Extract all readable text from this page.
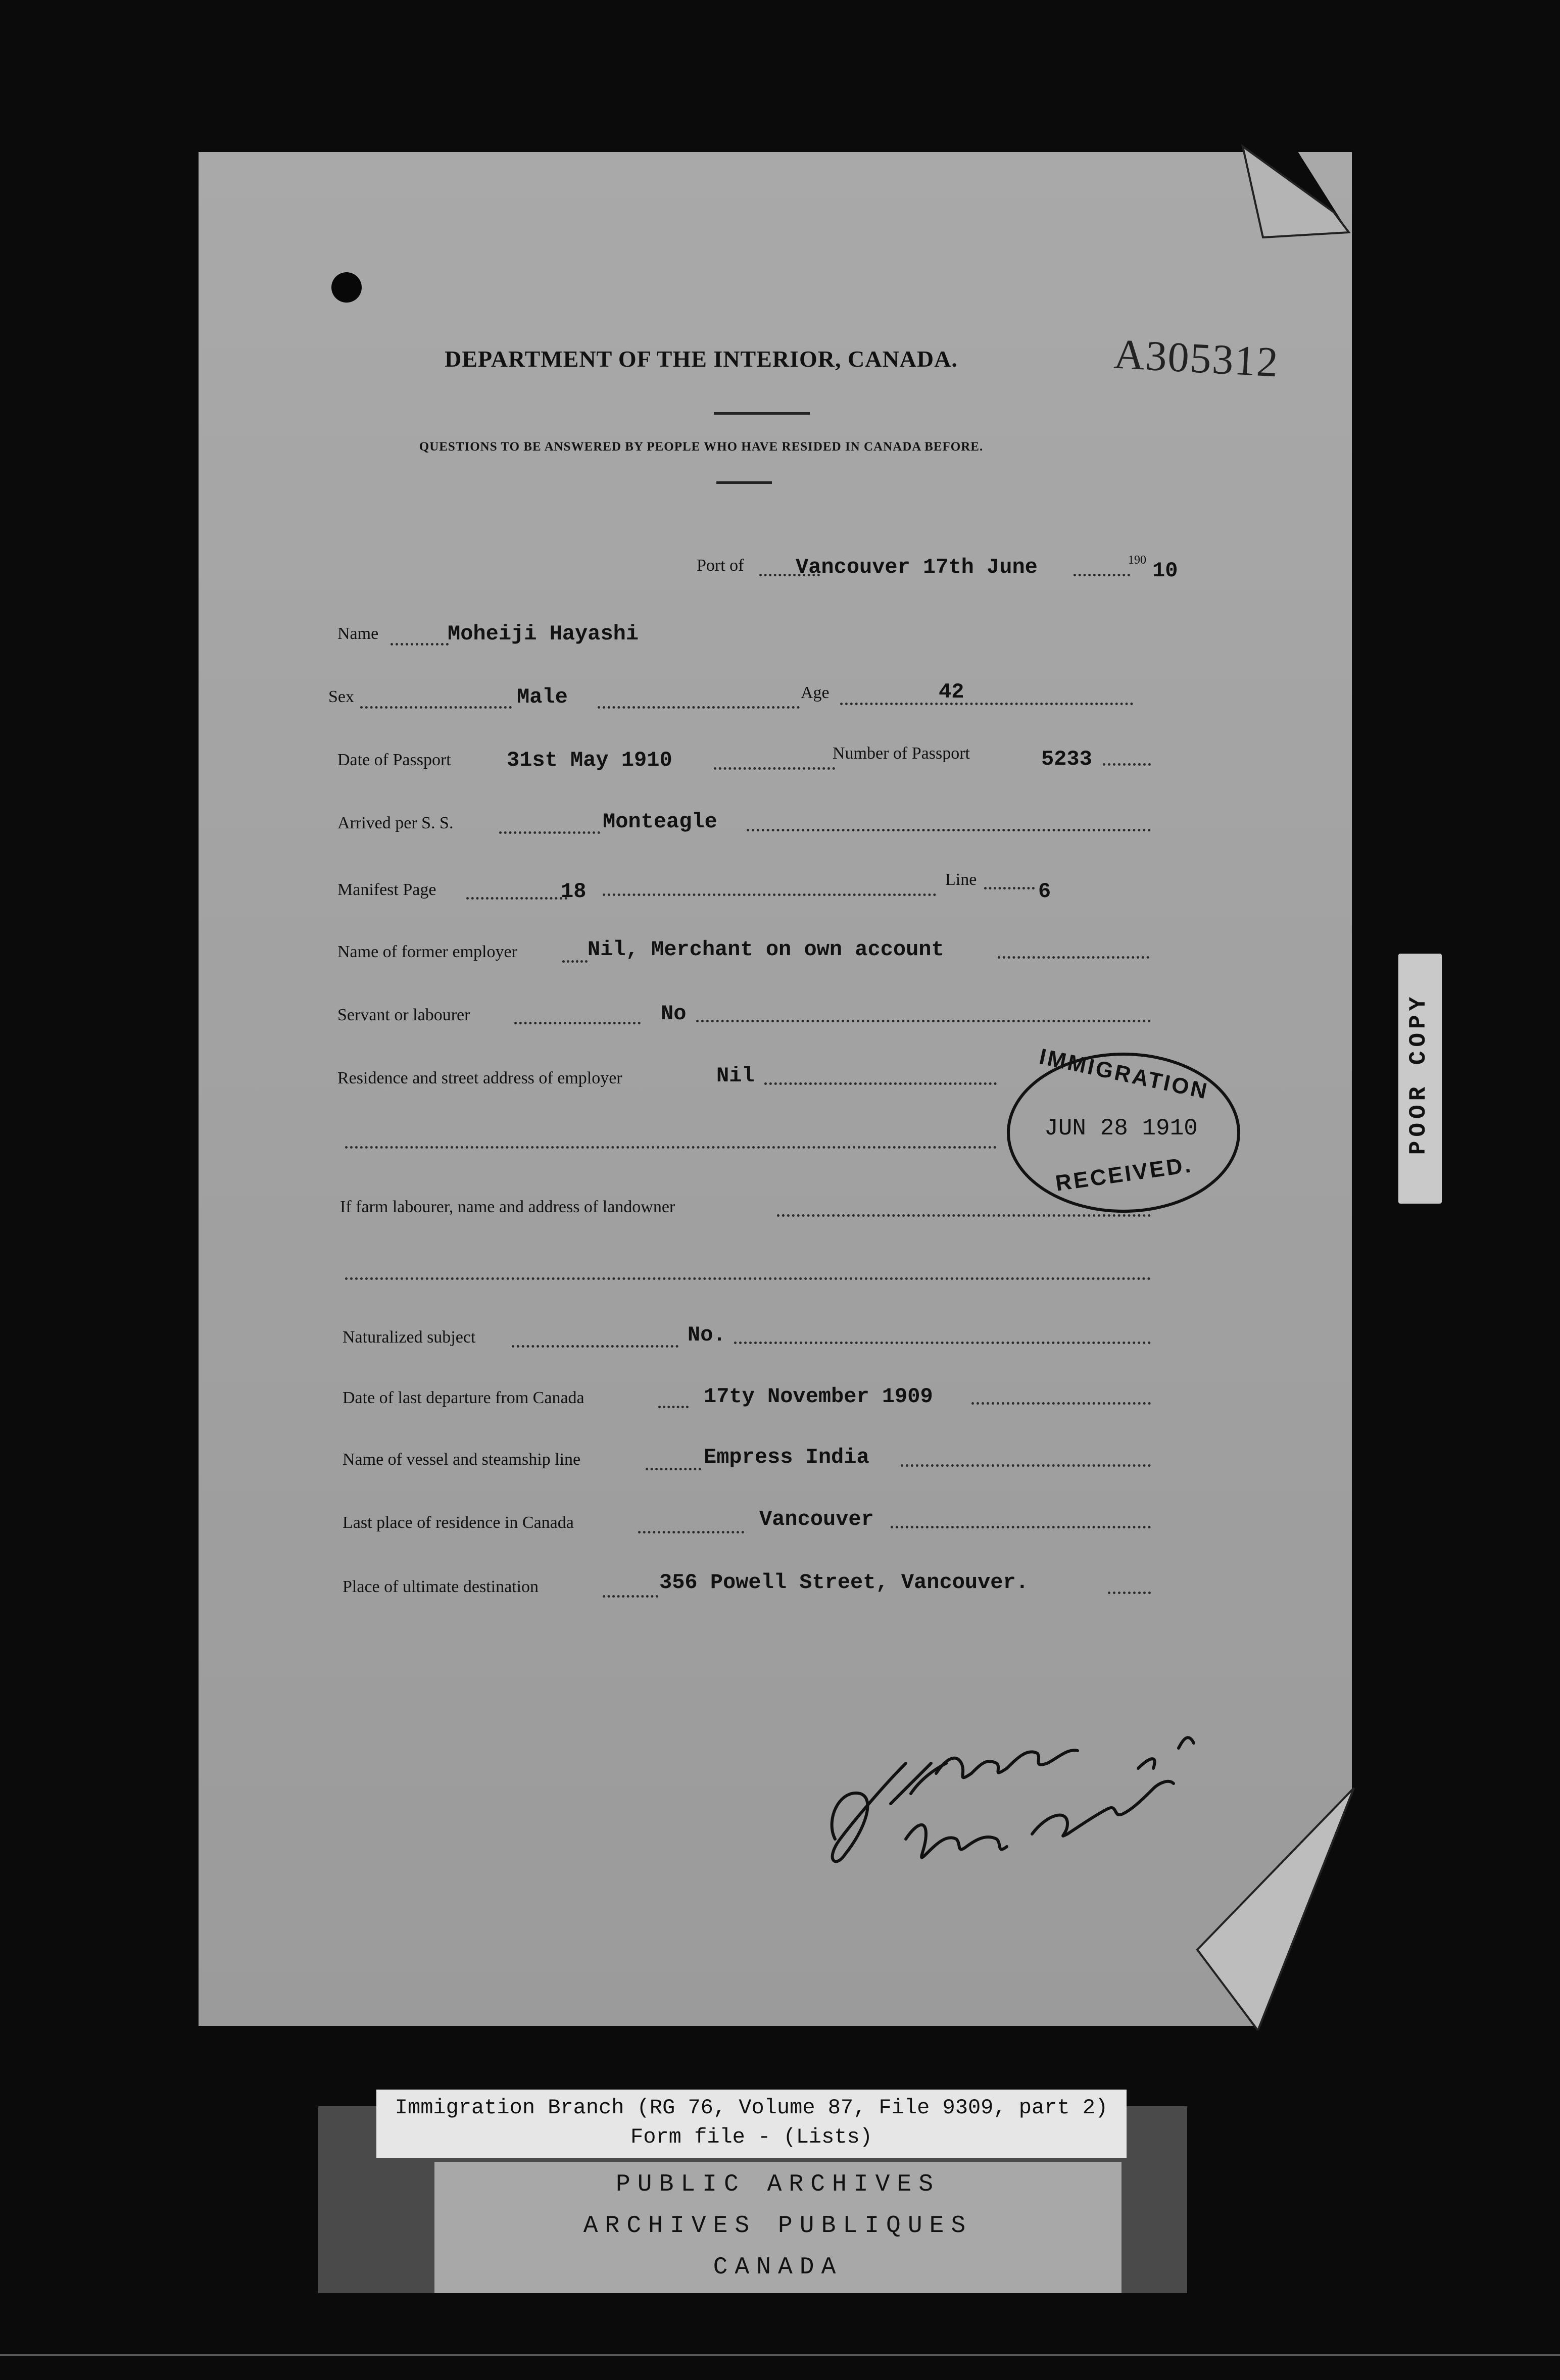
DEPARTMENT OF THE INTERIOR, CANADA.	A305312
QUESTIONS TO BE ANSWERED BY PEOPLE WHO HAVE RESIDED IN CANADA BEFORE.
Port of Vancouver 17th June	190 10
Name	Moheiji Hayashi
Sex	Male	Age	42
Date of Passport	31st May 1910	Number of Passport	5233
Arrived per S. S.	Monteagle
Manifest Page	18	Line	6
Name of former employer	Nil, Merchant on own account
Servant or labourer	No
Residence and street address of employer	Nil
If farm labourer, name and address of landowner
Naturalized subject	No.
Date of last departure from Canada	17ty November 1909
Name of vessel and steamship line	Empress India
Last place of residence in Canada	Vancouver
Place of ultimate destination	356 Powell Street, Vancouver.
IMMIGRATION
JUN 28 1910
RECEIVED.
POOR COPY
Immigration Branch (RG 76, Volume 87, File 9309, part 2)
Form file - (Lists)
PUBLIC ARCHIVES
ARCHIVES PUBLIQUES
CANADA
